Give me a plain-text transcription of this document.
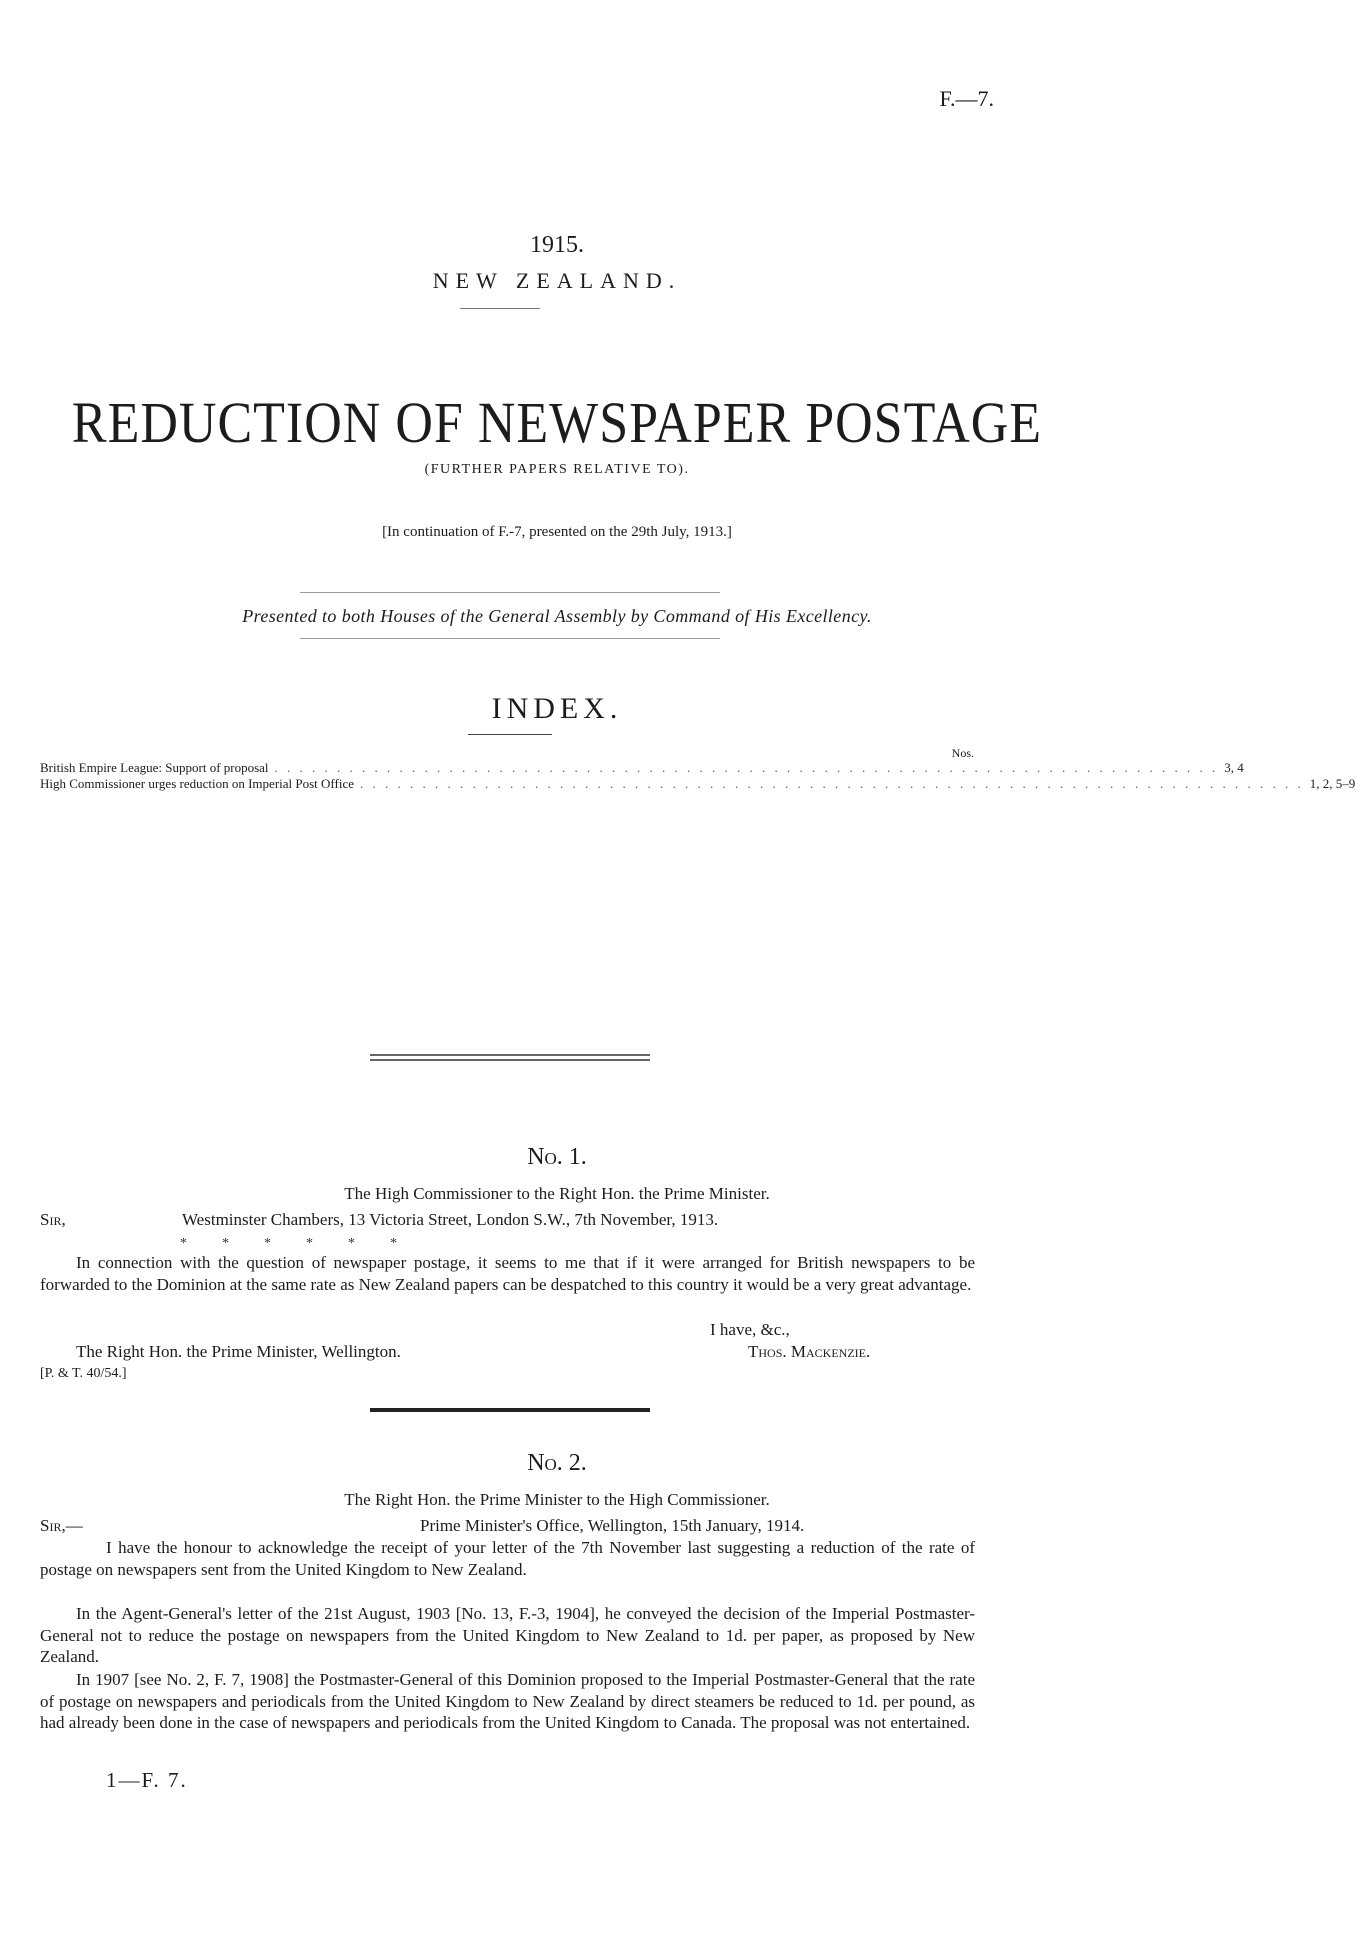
F.—7.
1915.
NEW ZEALAND.
REDUCTION OF NEWSPAPER POSTAGE
(FURTHER PAPERS RELATIVE TO).
[In continuation of F.-7, presented on the 29th July, 1913.]
Presented to both Houses of the General Assembly by Command of His Excellency.
INDEX.
Nos.
British Empire League: Support of proposal . . . . . . . . . . . . . . . . . . . . . . . . . . . . . . . . . . . . . . . . . . . . . . . . . . . . . . . . . . . . . . . . . . . . . . . . . . . . 3, 4
High Commissioner urges reduction on Imperial Post Office . . . . . . . . . . . . . . . . . . . . . . . . . . . . . . . . . . . . . . . . . . . . . . . . . . . . . . . . . . . . . . . . . . . . . . . . . . . . 1, 2, 5–9
No. 1.
The High Commissioner to the Right Hon. the Prime Minister.
Sir,	Westminster Chambers, 13 Victoria Street, London S.W., 7th November, 1913.
*          *          *          *          *          *
In connection with the question of newspaper postage, it seems to me that if it were arranged for British newspapers to be forwarded to the Dominion at the same rate as New Zealand papers can be despatched to this country it would be a very great advantage.
I have, &c.,
Thos. Mackenzie.
The Right Hon. the Prime Minister, Wellington.
[P. & T. 40/54.]
No. 2.
The Right Hon. the Prime Minister to the High Commissioner.
Sir,—	Prime Minister's Office, Wellington, 15th January, 1914.
I have the honour to acknowledge the receipt of your letter of the 7th November last suggesting a reduction of the rate of postage on newspapers sent from the United Kingdom to New Zealand.
In the Agent-General's letter of the 21st August, 1903 [No. 13, F.-3, 1904], he conveyed the decision of the Imperial Postmaster-General not to reduce the postage on newspapers from the United Kingdom to New Zealand to 1d. per paper, as proposed by New Zealand.
In 1907 [see No. 2, F. 7, 1908] the Postmaster-General of this Dominion proposed to the Imperial Postmaster-General that the rate of postage on newspapers and periodicals from the United Kingdom to New Zealand by direct steamers be reduced to 1d. per pound, as had already been done in the case of newspapers and periodicals from the United Kingdom to Canada. The proposal was not entertained.
1—F. 7.
